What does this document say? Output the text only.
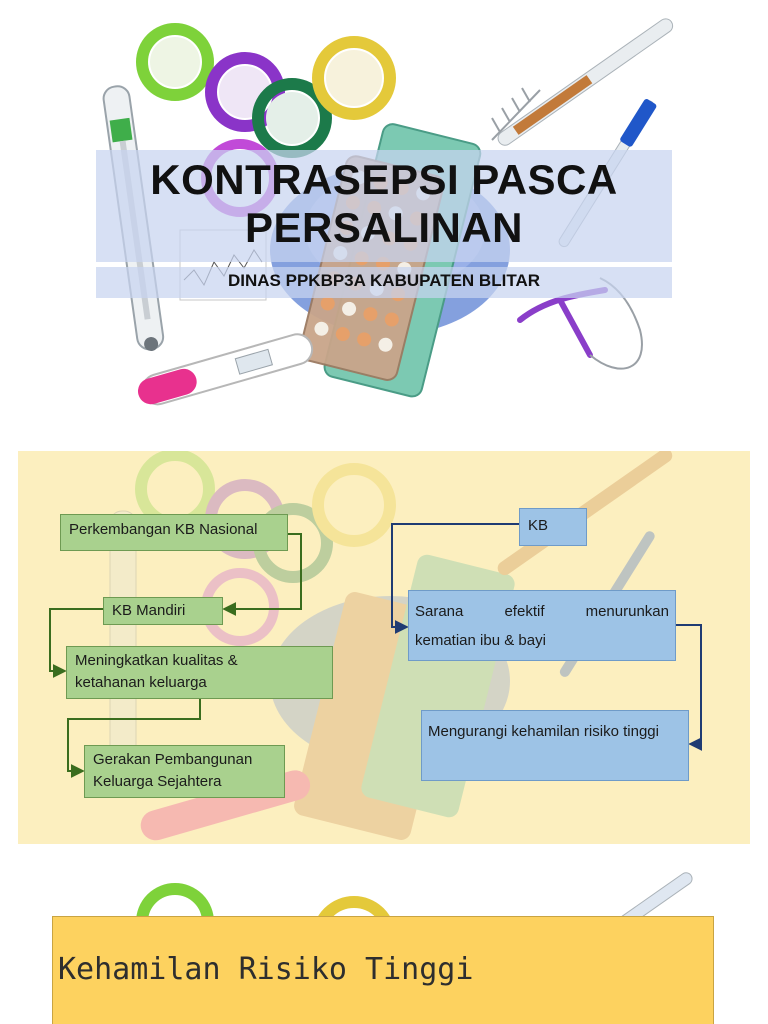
KONTRASEPSI PASCA
PERSALINAN
DINAS PPKBP3A KABUPATEN BLITAR
Perkembangan KB Nasional
KB Mandiri
Meningkatkan kualitas &
ketahanan keluarga
Gerakan Pembangunan
Keluarga Sejahtera
KB
Sarana	efektif	menurunkan
kematian ibu & bayi
Mengurangi kehamilan risiko tinggi
Kehamilan Risiko Tinggi
